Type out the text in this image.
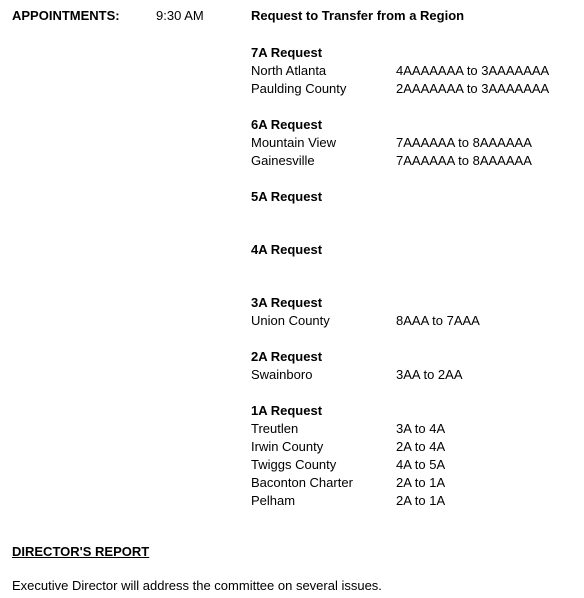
APPOINTMENTS:	9:30 AM	Request to Transfer from a Region
7A Request
North Atlanta	4AAAAAAA to 3AAAAAAA
Paulding County	2AAAAAAA to 3AAAAAAA
6A Request
Mountain View	7AAAAAA to 8AAAAAA
Gainesville	7AAAAAA to 8AAAAAA
5A Request
4A Request
3A Request
Union County	8AAA to 7AAA
2A Request
Swainboro	3AA to 2AA
1A Request
Treutlen	3A to 4A
Irwin County	2A to 4A
Twiggs County	4A to 5A
Baconton Charter	2A to 1A
Pelham	2A to 1A
DIRECTOR'S REPORT
Executive Director will address the committee on several issues.
